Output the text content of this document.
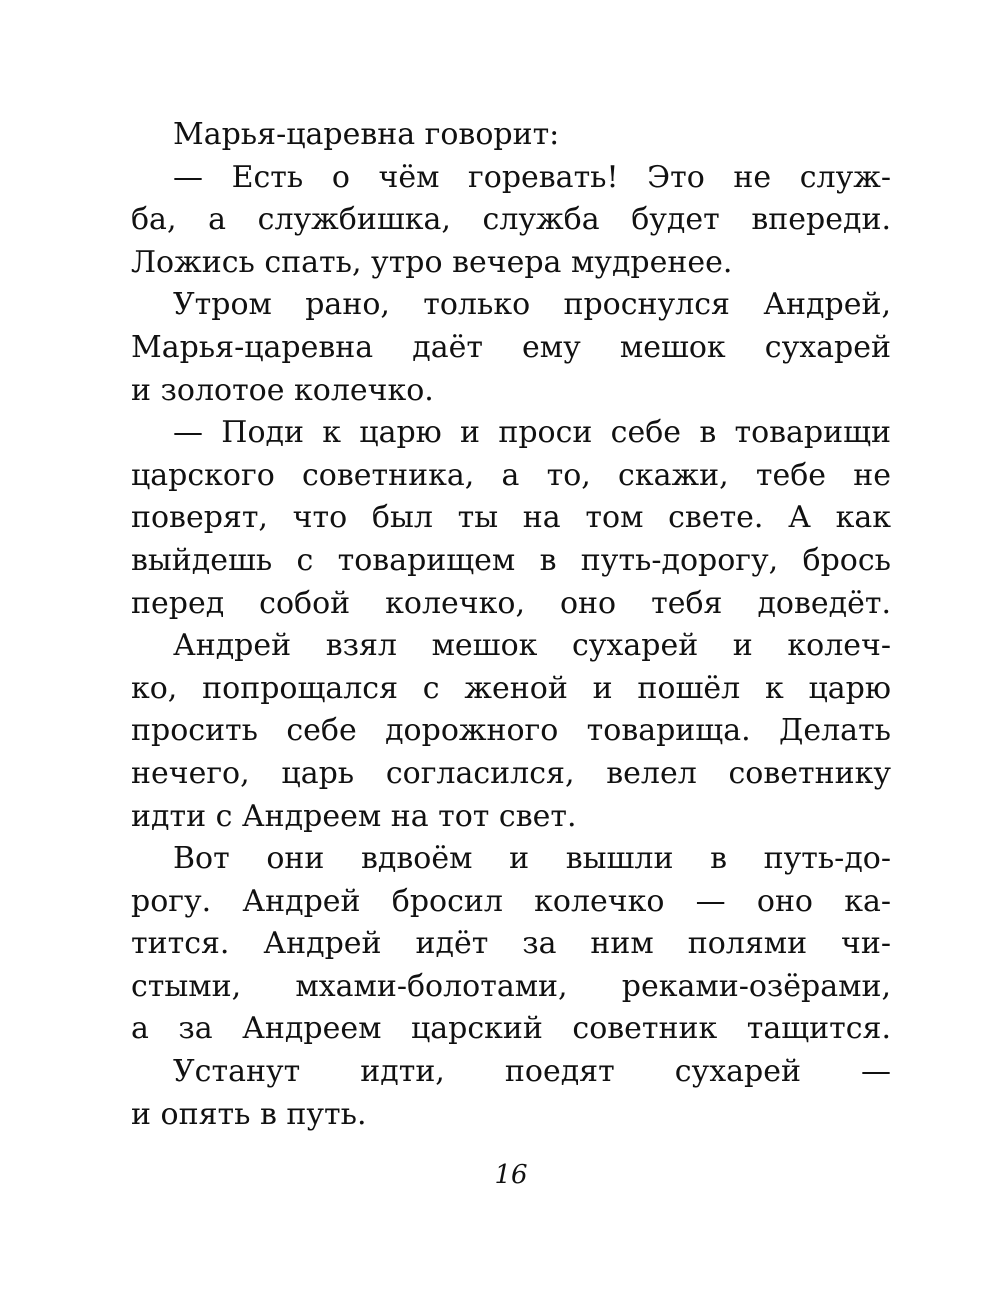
Марья-царевна говорит:
— Есть о чём горевать! Это не служ-
ба, а службишка, служба будет впереди.
Ложись спать, утро вечера мудренее.
Утром рано, только проснулся Андрей,
Марья-царевна даёт ему мешок сухарей
и золотое колечко.
— Поди к царю и проси себе в товарищи
царского советника, а то, скажи, тебе не
поверят, что был ты на том свете. А как
выйдешь с товарищем в путь-дорогу, брось
перед собой колечко, оно тебя доведёт.
Андрей взял мешок сухарей и колеч-
ко, попрощался с женой и пошёл к царю
просить себе дорожного товарища. Делать
нечего, царь согласился, велел советнику
идти с Андреем на тот свет.
Вот они вдвоём и вышли в путь-до-
рогу. Андрей бросил колечко — оно ка-
тится. Андрей идёт за ним полями чи-
стыми, мхами-болотами, реками-озёрами,
а за Андреем царский советник тащится.
Устанут идти, поедят сухарей —
и опять в путь.
16
